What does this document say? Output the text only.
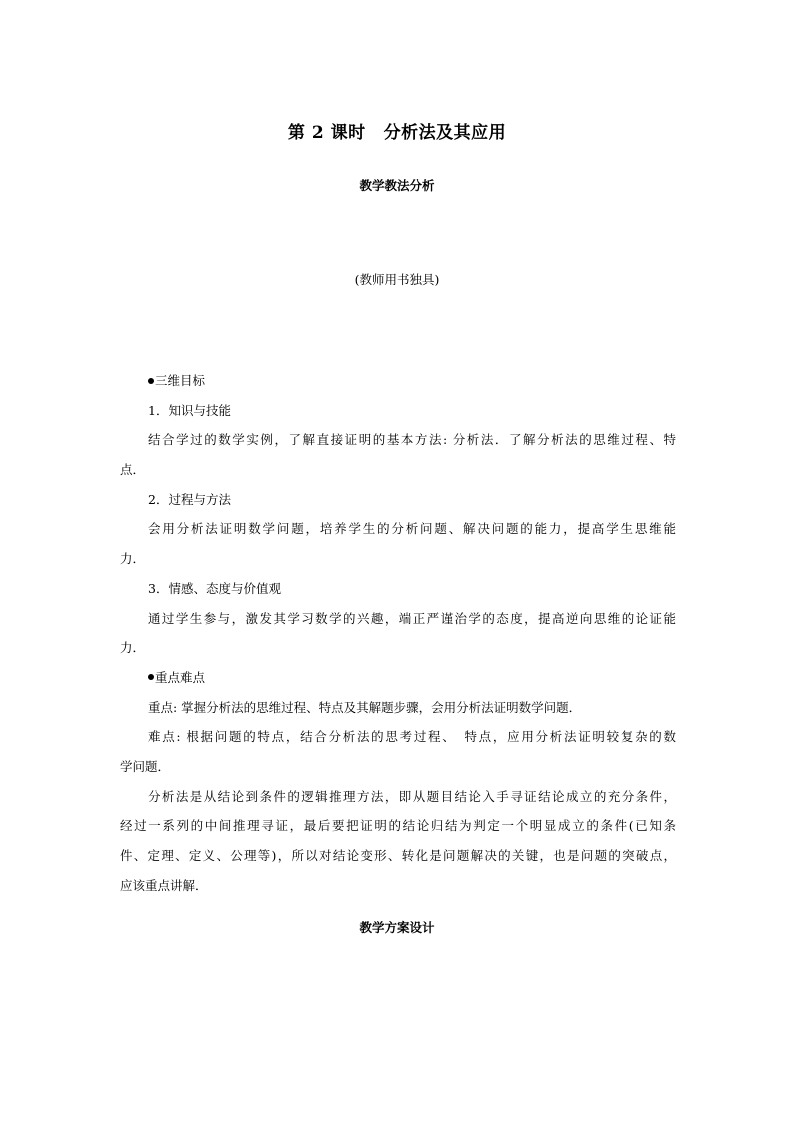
第 2 课时 分析法及其应用
教学教法分析
(教师用书独具)
三维目标
1．知识与技能
结合学过的数学实例，了解直接证明的基本方法: 分析法．了解分析法的思维过程、特
点．
2．过程与方法
会用分析法证明数学问题，培养学生的分析问题、解决问题的能力，提高学生思维能
力．
3．情感、态度与价值观
通过学生参与，激发其学习数学的兴趣，端正严谨治学的态度，提高逆向思维的论证能
力．
重点难点
重点: 掌握分析法的思维过程、特点及其解题步骤，会用分析法证明数学问题．
难点: 根据问题的特点，结合分析法的思考过程、　特点，应用分析法证明较复杂的数
学问题．
分析法是从结论到条件的逻辑推理方法，即从题目结论入手寻证结论成立的充分条件，
经过一系列的中间推理寻证，最后要把证明的结论归结为判定一个明显成立的条件(已知条
件、定理、定义、公理等)，所以对结论变形、转化是问题解决的关键，也是问题的突破点，
应该重点讲解．
教学方案设计
